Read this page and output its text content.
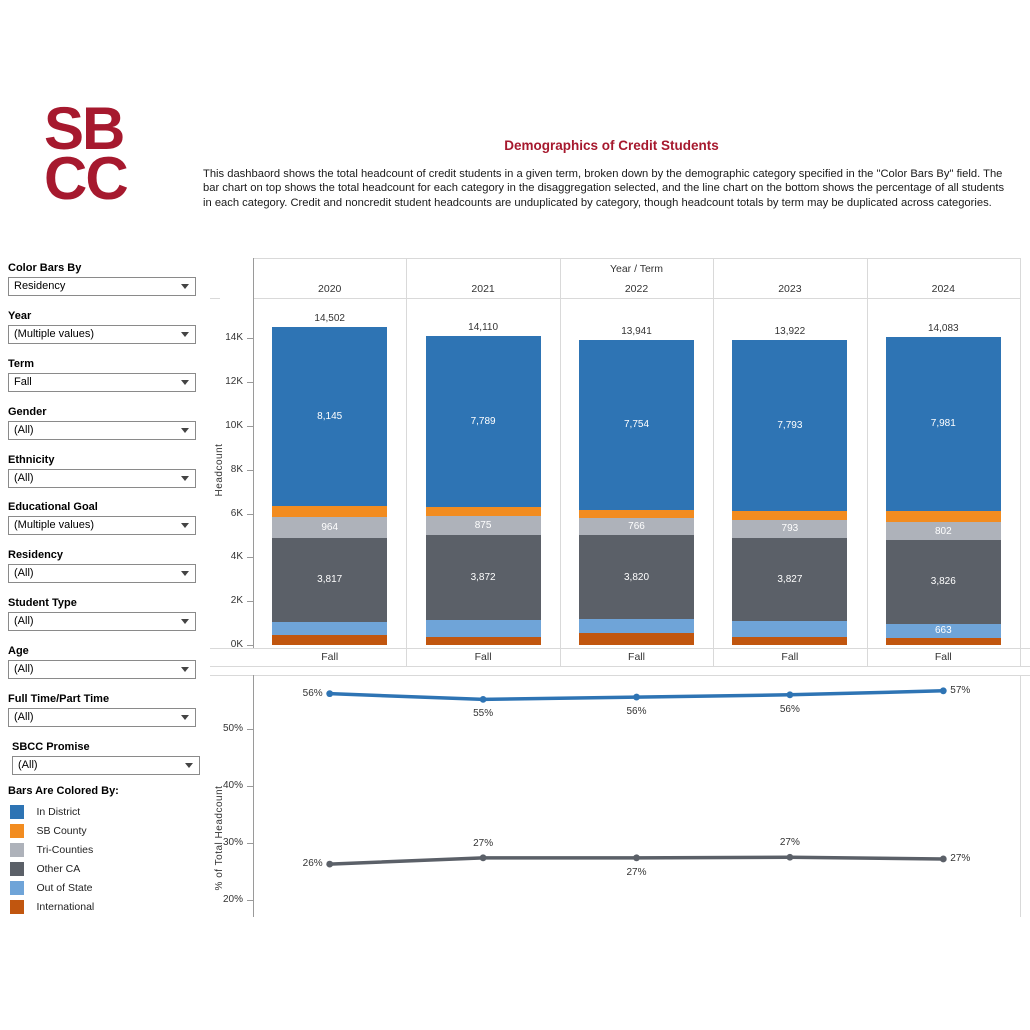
SB
CC	Demographics of Credit Students
This dashbaord shows the total headcount of credit students in a given term, broken down by the demographic category specified in the "Color Bars By" field. The bar chart on top shows the total headcount for each category in the disaggregation selected, and the line chart on the bottom shows the percentage of all students in each category. Credit and noncredit student headcounts are unduplicated by category, though headcount totals by term may be duplicated across categories.
Color Bars By
Residency
Year
(Multiple values)
Term
Fall
Gender
(All)
Ethnicity
(All)
Educational Goal
(Multiple values)
Residency
(All)
Student Type
(All)
Age
(All)
Full Time/Part Time
(All)
SBCC Promise
(All)
Bars Are Colored By:
In District
SB County
Tri-Counties
Other CA
Out of State
International
Year / Term
Headcount
% of Total Headcount
2020	2021	2022	2023	2024
Fall	Fall	Fall	Fall	Fall
0K
2K
4K
6K
8K
10K
12K
14K
3,817
964
8,145
14,502
3,872
875
7,789
14,110
3,820
766
7,754
13,941
3,827
793
7,793
13,922
663
3,826
802
7,981
14,083
20%
30%
40%
50%
56%
55%	56%	56%
57%
26%
27%
27%
27%
27%
